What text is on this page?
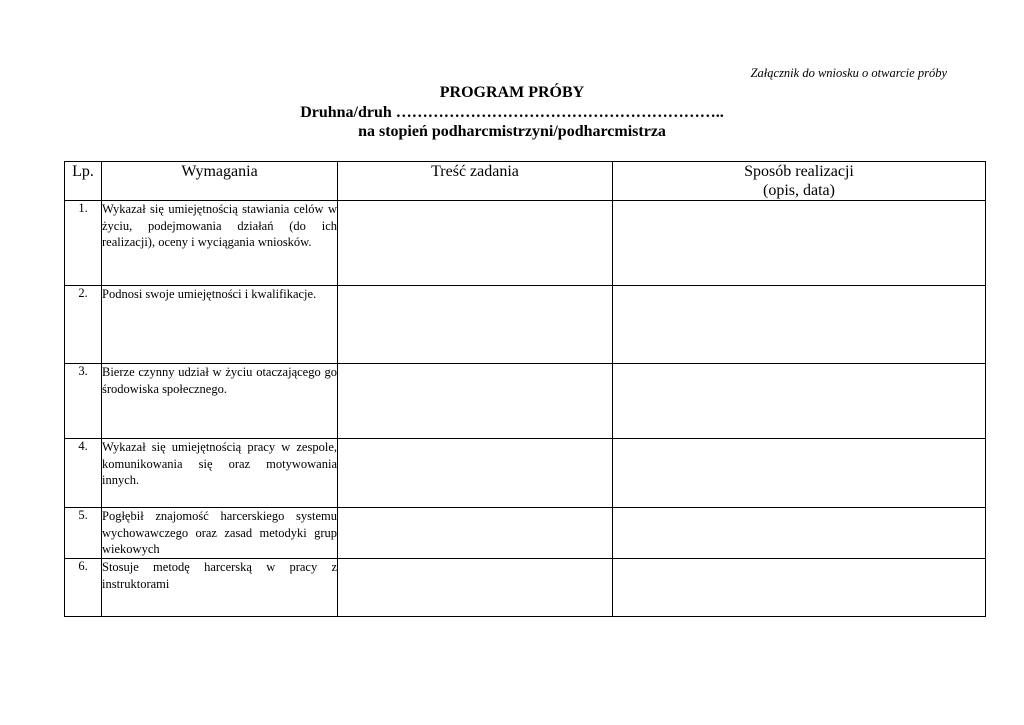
Załącznik do wniosku o otwarcie próby
PROGRAM PRÓBY
Druhna/druh ……………………………………………………..
na stopień podharcmistrzyni/podharcmistrza
Lp.	Wymagania	Treść zadania	Sposób realizacji
(opis, data)

1.	Wykazał się umiejętnością stawiania celów w życiu, podejmowania działań (do ich realizacji), oceny i wyciągania wniosków.		
2.	Podnosi swoje umiejętności i kwalifikacje.		
3.	Bierze czynny udział w życiu otaczającego go środowiska społecznego.		
4.	Wykazał się umiejętnością pracy w zespole, komunikowania się oraz motywowania innych.		
5.	Pogłębił znajomość harcerskiego systemu wychowawczego oraz zasad metodyki grup wiekowych		
6.	Stosuje metodę harcerską w pracy z instruktorami		
